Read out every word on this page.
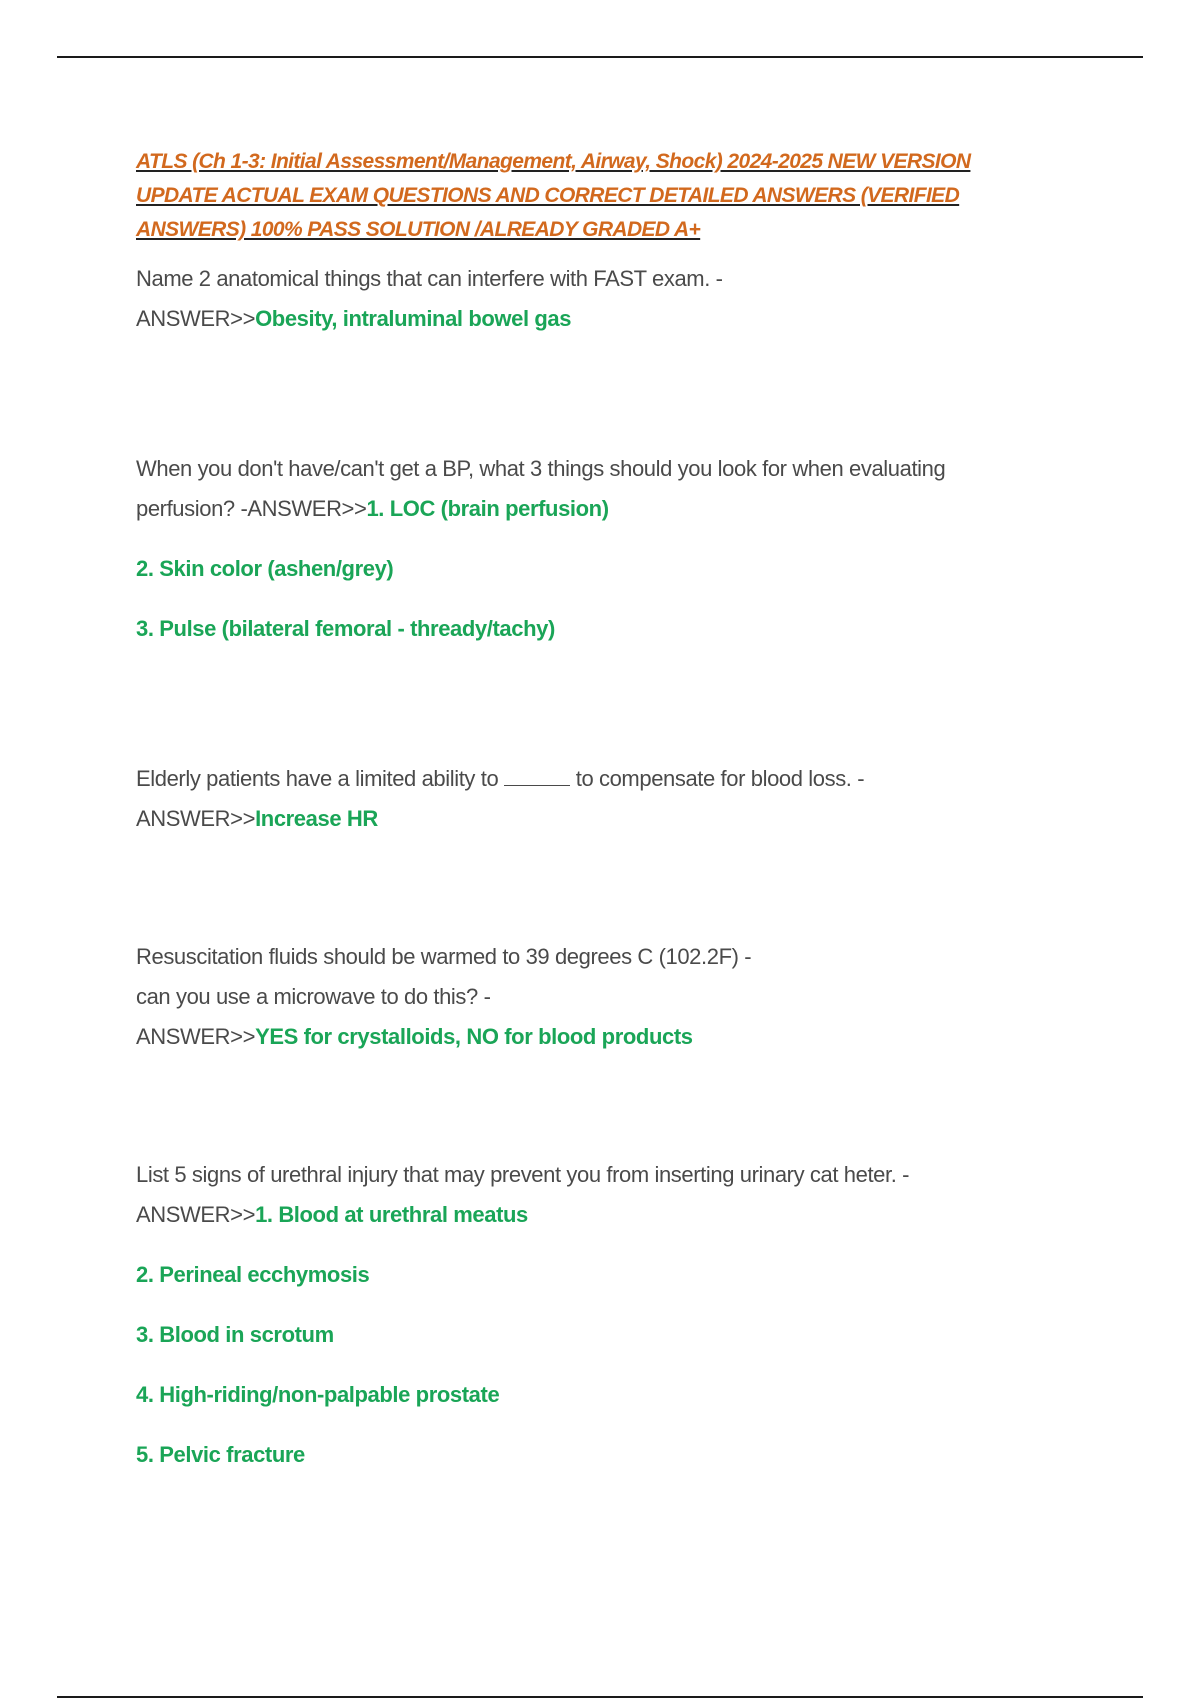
ATLS (Ch 1-3: Initial Assessment/Management, Airway, Shock) 2024-2025 NEW VERSION UPDATE ACTUAL EXAM QUESTIONS AND CORRECT DETAILED ANSWERS (VERIFIED ANSWERS) 100% PASS SOLUTION /ALREADY GRADED A+
Name 2 anatomical things that can interfere with FAST exam. -
ANSWER>>Obesity, intraluminal bowel gas
When you don't have/can't get a BP, what 3 things should you look for when evaluating perfusion? -ANSWER>>1. LOC (brain perfusion)
2. Skin color (ashen/grey)
3. Pulse (bilateral femoral - thready/tachy)
Elderly patients have a limited ability to	to compensate for blood loss. -
ANSWER>>Increase HR
Resuscitation fluids should be warmed to 39 degrees C (102.2F) -
can you use a microwave to do this? -
ANSWER>>YES for crystalloids, NO for blood products
List 5 signs of urethral injury that may prevent you from inserting urinary cat heter. -ANSWER>>1. Blood at urethral meatus
2. Perineal ecchymosis
3. Blood in scrotum
4. High-riding/non-palpable prostate
5. Pelvic fracture
